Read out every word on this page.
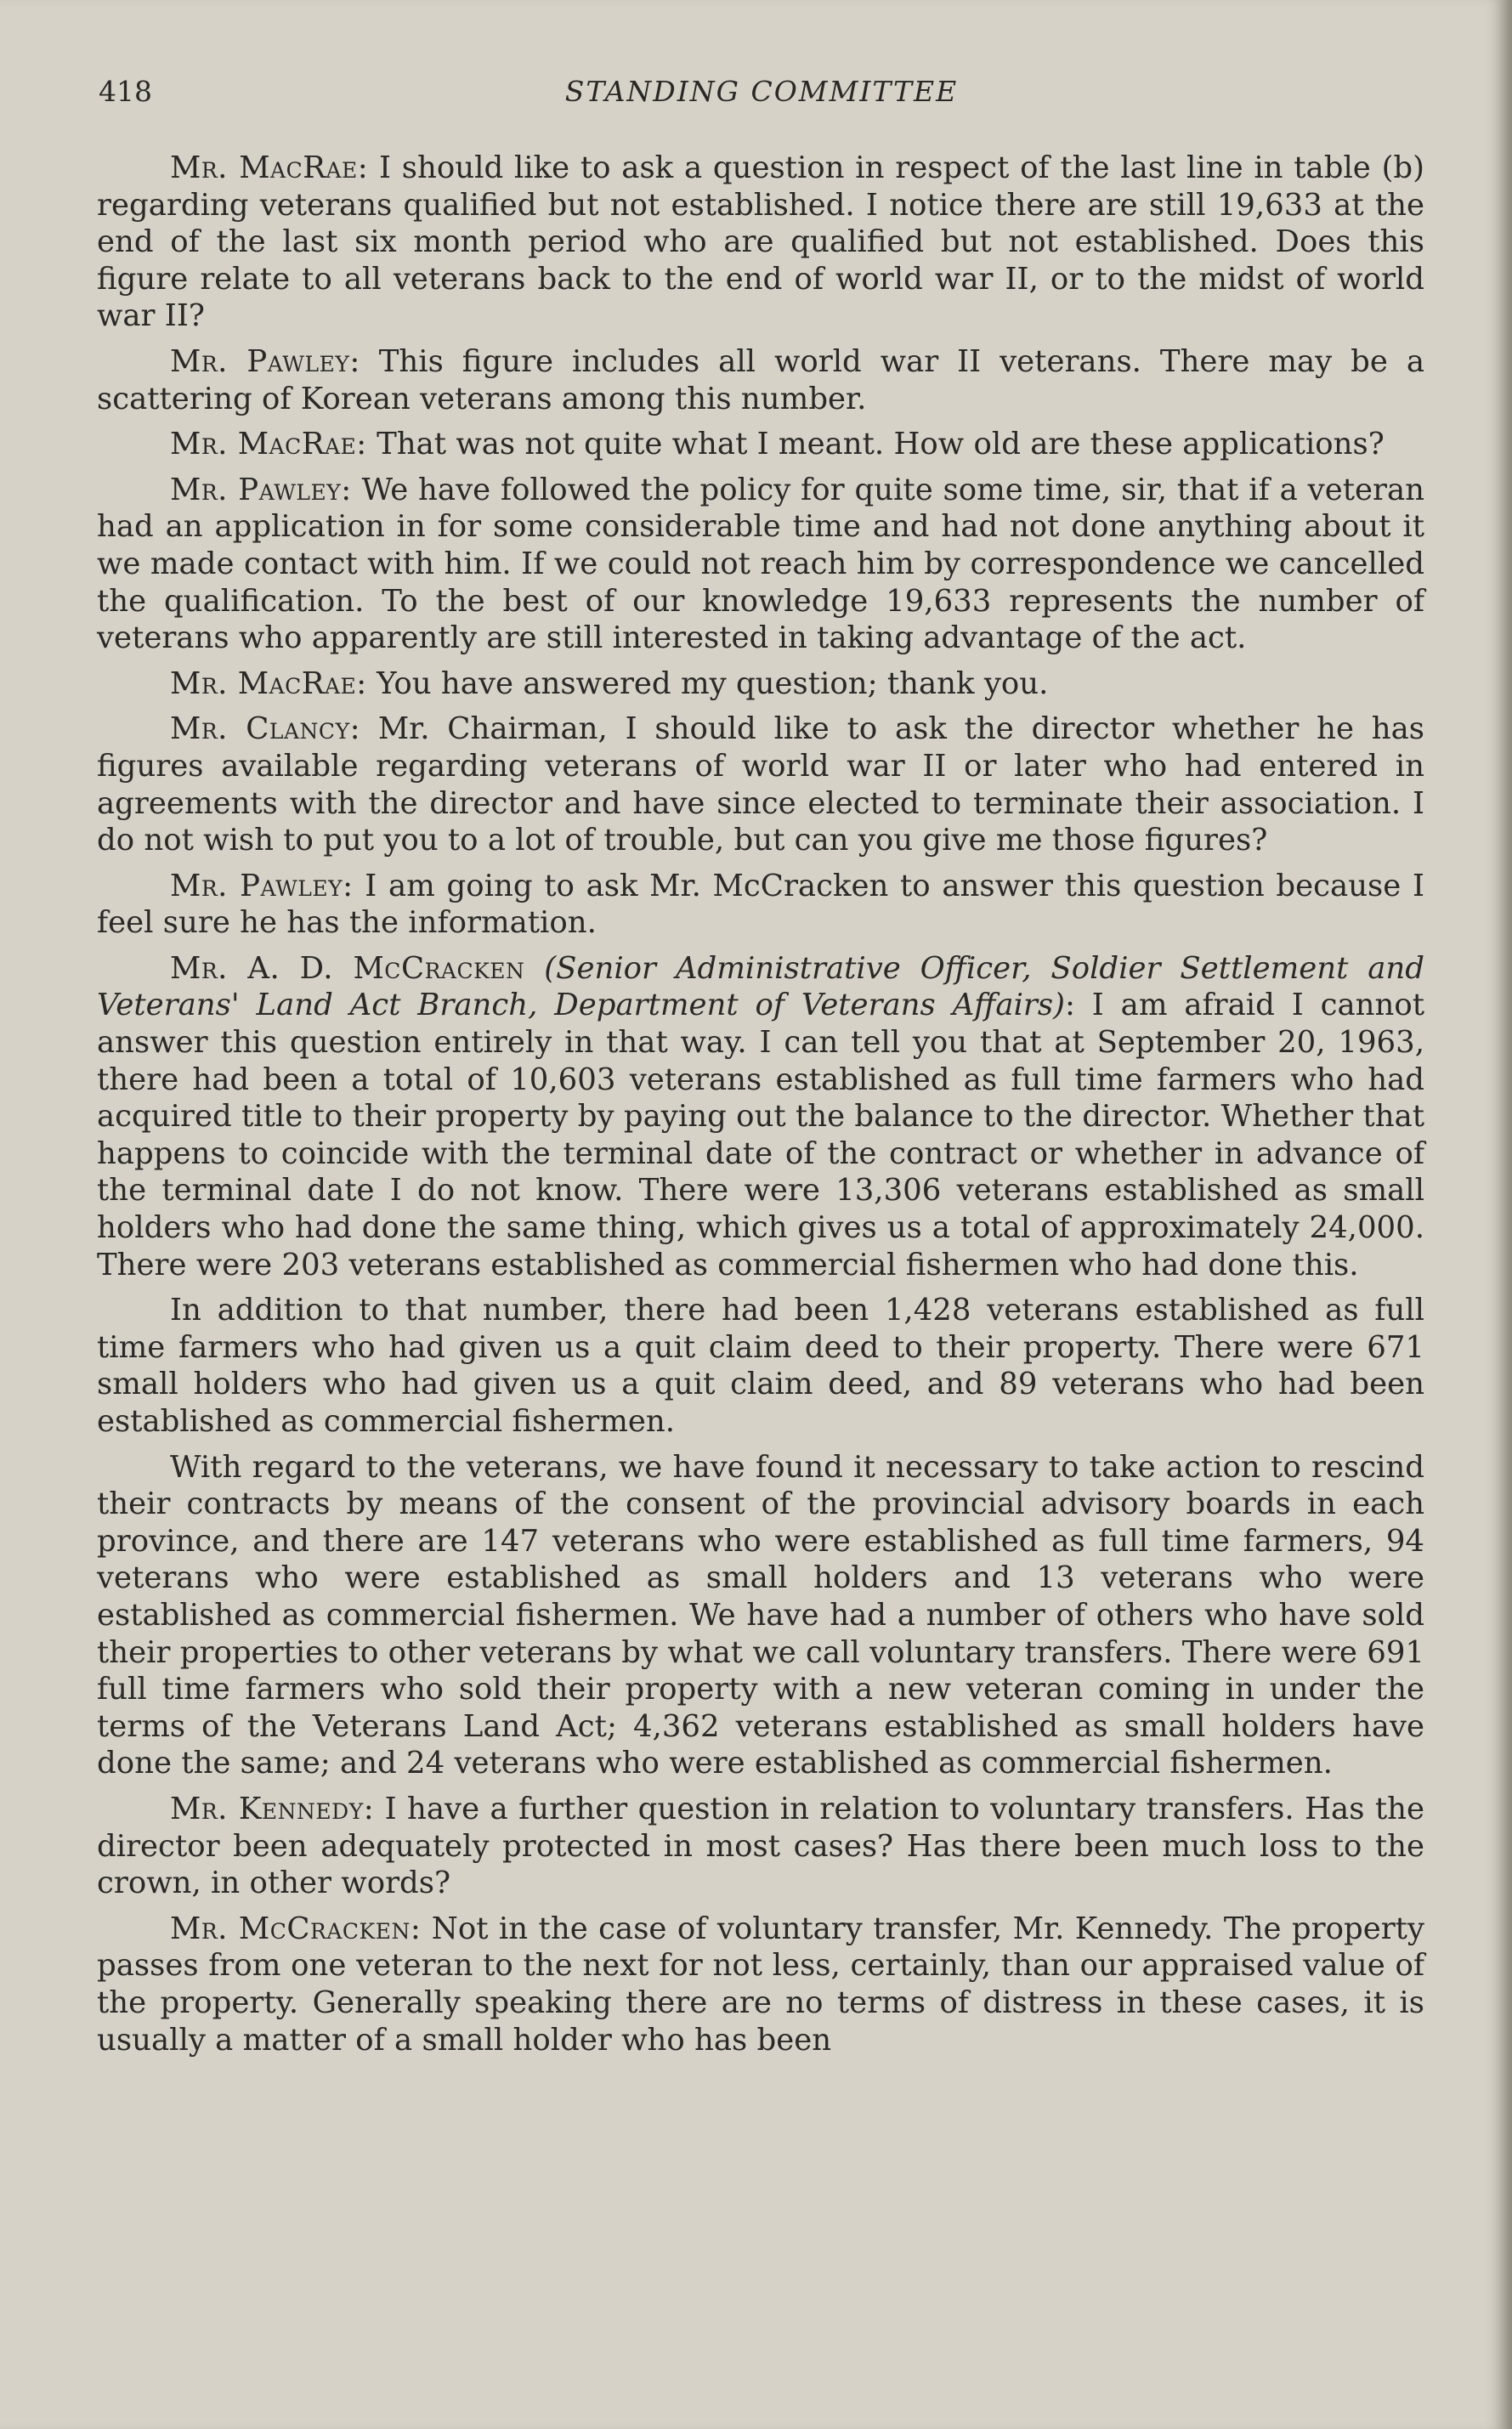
418	STANDING COMMITTEE

Mr. MacRae: I should like to ask a question in respect of the last line in table (b) regarding veterans qualified but not established. I notice there are still 19,633 at the end of the last six month period who are qualified but not established. Does this figure relate to all veterans back to the end of world war II, or to the midst of world war II?

Mr. Pawley: This figure includes all world war II veterans. There may be a scattering of Korean veterans among this number.

Mr. MacRae: That was not quite what I meant. How old are these applications?

Mr. Pawley: We have followed the policy for quite some time, sir, that if a veteran had an application in for some considerable time and had not done anything about it we made contact with him. If we could not reach him by correspondence we cancelled the qualification. To the best of our knowledge 19,633 represents the number of veterans who apparently are still interested in taking advantage of the act.

Mr. MacRae: You have answered my question; thank you.

Mr. Clancy: Mr. Chairman, I should like to ask the director whether he has figures available regarding veterans of world war II or later who had entered in agreements with the director and have since elected to terminate their association. I do not wish to put you to a lot of trouble, but can you give me those figures?

Mr. Pawley: I am going to ask Mr. McCracken to answer this question because I feel sure he has the information.

Mr. A. D. McCracken (Senior Administrative Officer, Soldier Settlement and Veterans' Land Act Branch, Department of Veterans Affairs): I am afraid I cannot answer this question entirely in that way. I can tell you that at September 20, 1963, there had been a total of 10,603 veterans established as full time farmers who had acquired title to their property by paying out the balance to the director. Whether that happens to coincide with the terminal date of the contract or whether in advance of the terminal date I do not know. There were 13,306 veterans established as small holders who had done the same thing, which gives us a total of approximately 24,000. There were 203 veterans established as commercial fishermen who had done this.

In addition to that number, there had been 1,428 veterans established as full time farmers who had given us a quit claim deed to their property. There were 671 small holders who had given us a quit claim deed, and 89 veterans who had been established as commercial fishermen.

With regard to the veterans, we have found it necessary to take action to rescind their contracts by means of the consent of the provincial advisory boards in each province, and there are 147 veterans who were established as full time farmers, 94 veterans who were established as small holders and 13 veterans who were established as commercial fishermen. We have had a number of others who have sold their properties to other veterans by what we call voluntary transfers. There were 691 full time farmers who sold their property with a new veteran coming in under the terms of the Veterans Land Act; 4,362 veterans established as small holders have done the same; and 24 veterans who were established as commercial fishermen.

Mr. Kennedy: I have a further question in relation to voluntary transfers. Has the director been adequately protected in most cases? Has there been much loss to the crown, in other words?

Mr. McCracken: Not in the case of voluntary transfer, Mr. Kennedy. The property passes from one veteran to the next for not less, certainly, than our appraised value of the property. Generally speaking there are no terms of distress in these cases, it is usually a matter of a small holder who has been
